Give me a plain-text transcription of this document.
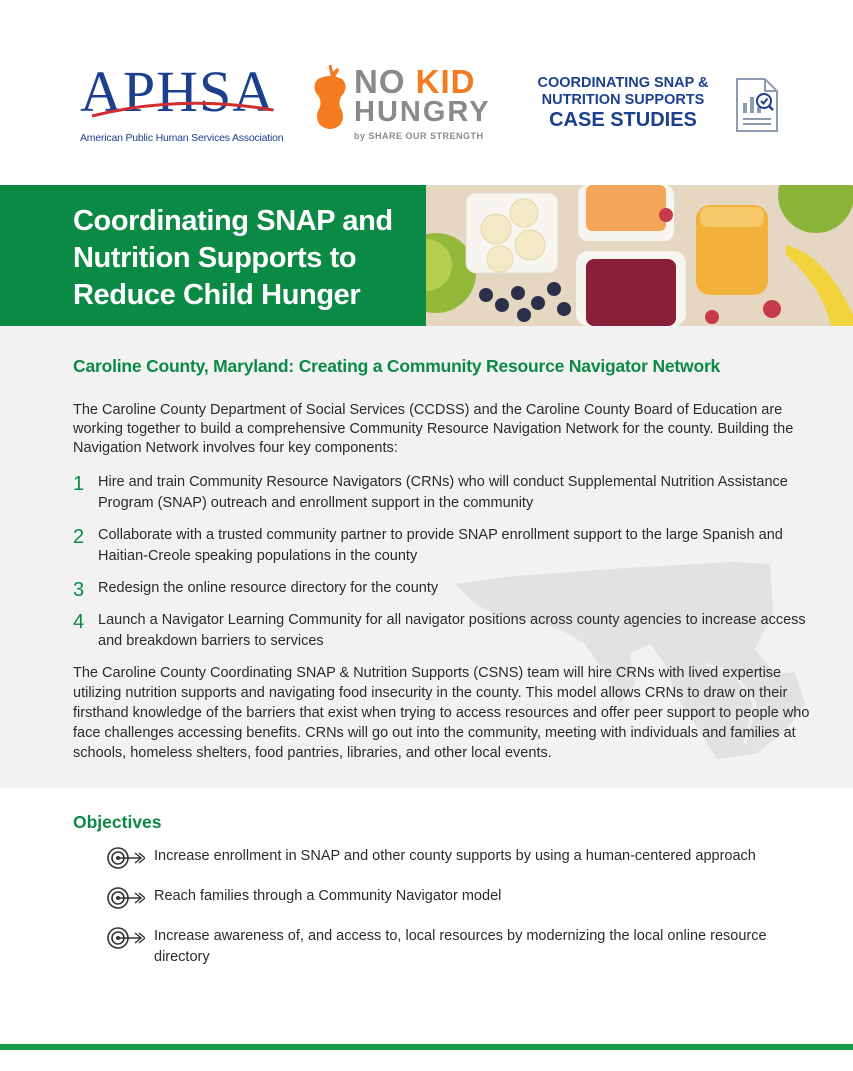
APHSA
American Public Human Services Association
NO KID
HUNGRY
by SHARE OUR STRENGTH
COORDINATING SNAP &
NUTRITION SUPPORTS
CASE STUDIES
Coordinating SNAP and
Nutrition Supports to
Reduce Child Hunger
Caroline County, Maryland: Creating a Community Resource Navigator Network
The Caroline County Department of Social Services (CCDSS) and the Caroline County Board of Education are working together to build a comprehensive Community Resource Navigation Network for the county. Building the Navigation Network involves four key components:
1 Hire and train Community Resource Navigators (CRNs) who will conduct Supplemental Nutrition Assistance Program (SNAP) outreach and enrollment support in the community
2 Collaborate with a trusted community partner to provide SNAP enrollment support to the large Spanish and Haitian-Creole speaking populations in the county
3 Redesign the online resource directory for the county
4 Launch a Navigator Learning Community for all navigator positions across county agencies to increase access and breakdown barriers to services
The Caroline County Coordinating SNAP & Nutrition Supports (CSNS) team will hire CRNs with lived expertise utilizing nutrition supports and navigating food insecurity in the county. This model allows CRNs to draw on their firsthand knowledge of the barriers that exist when trying to access resources and offer peer support to people who face challenges accessing benefits. CRNs will go out into the community, meeting with individuals and families at schools, homeless shelters, food pantries, libraries, and other local events.
Objectives
Increase enrollment in SNAP and other county supports by using a human-centered approach
Reach families through a Community Navigator model
Increase awareness of, and access to, local resources by modernizing the local online resource directory
